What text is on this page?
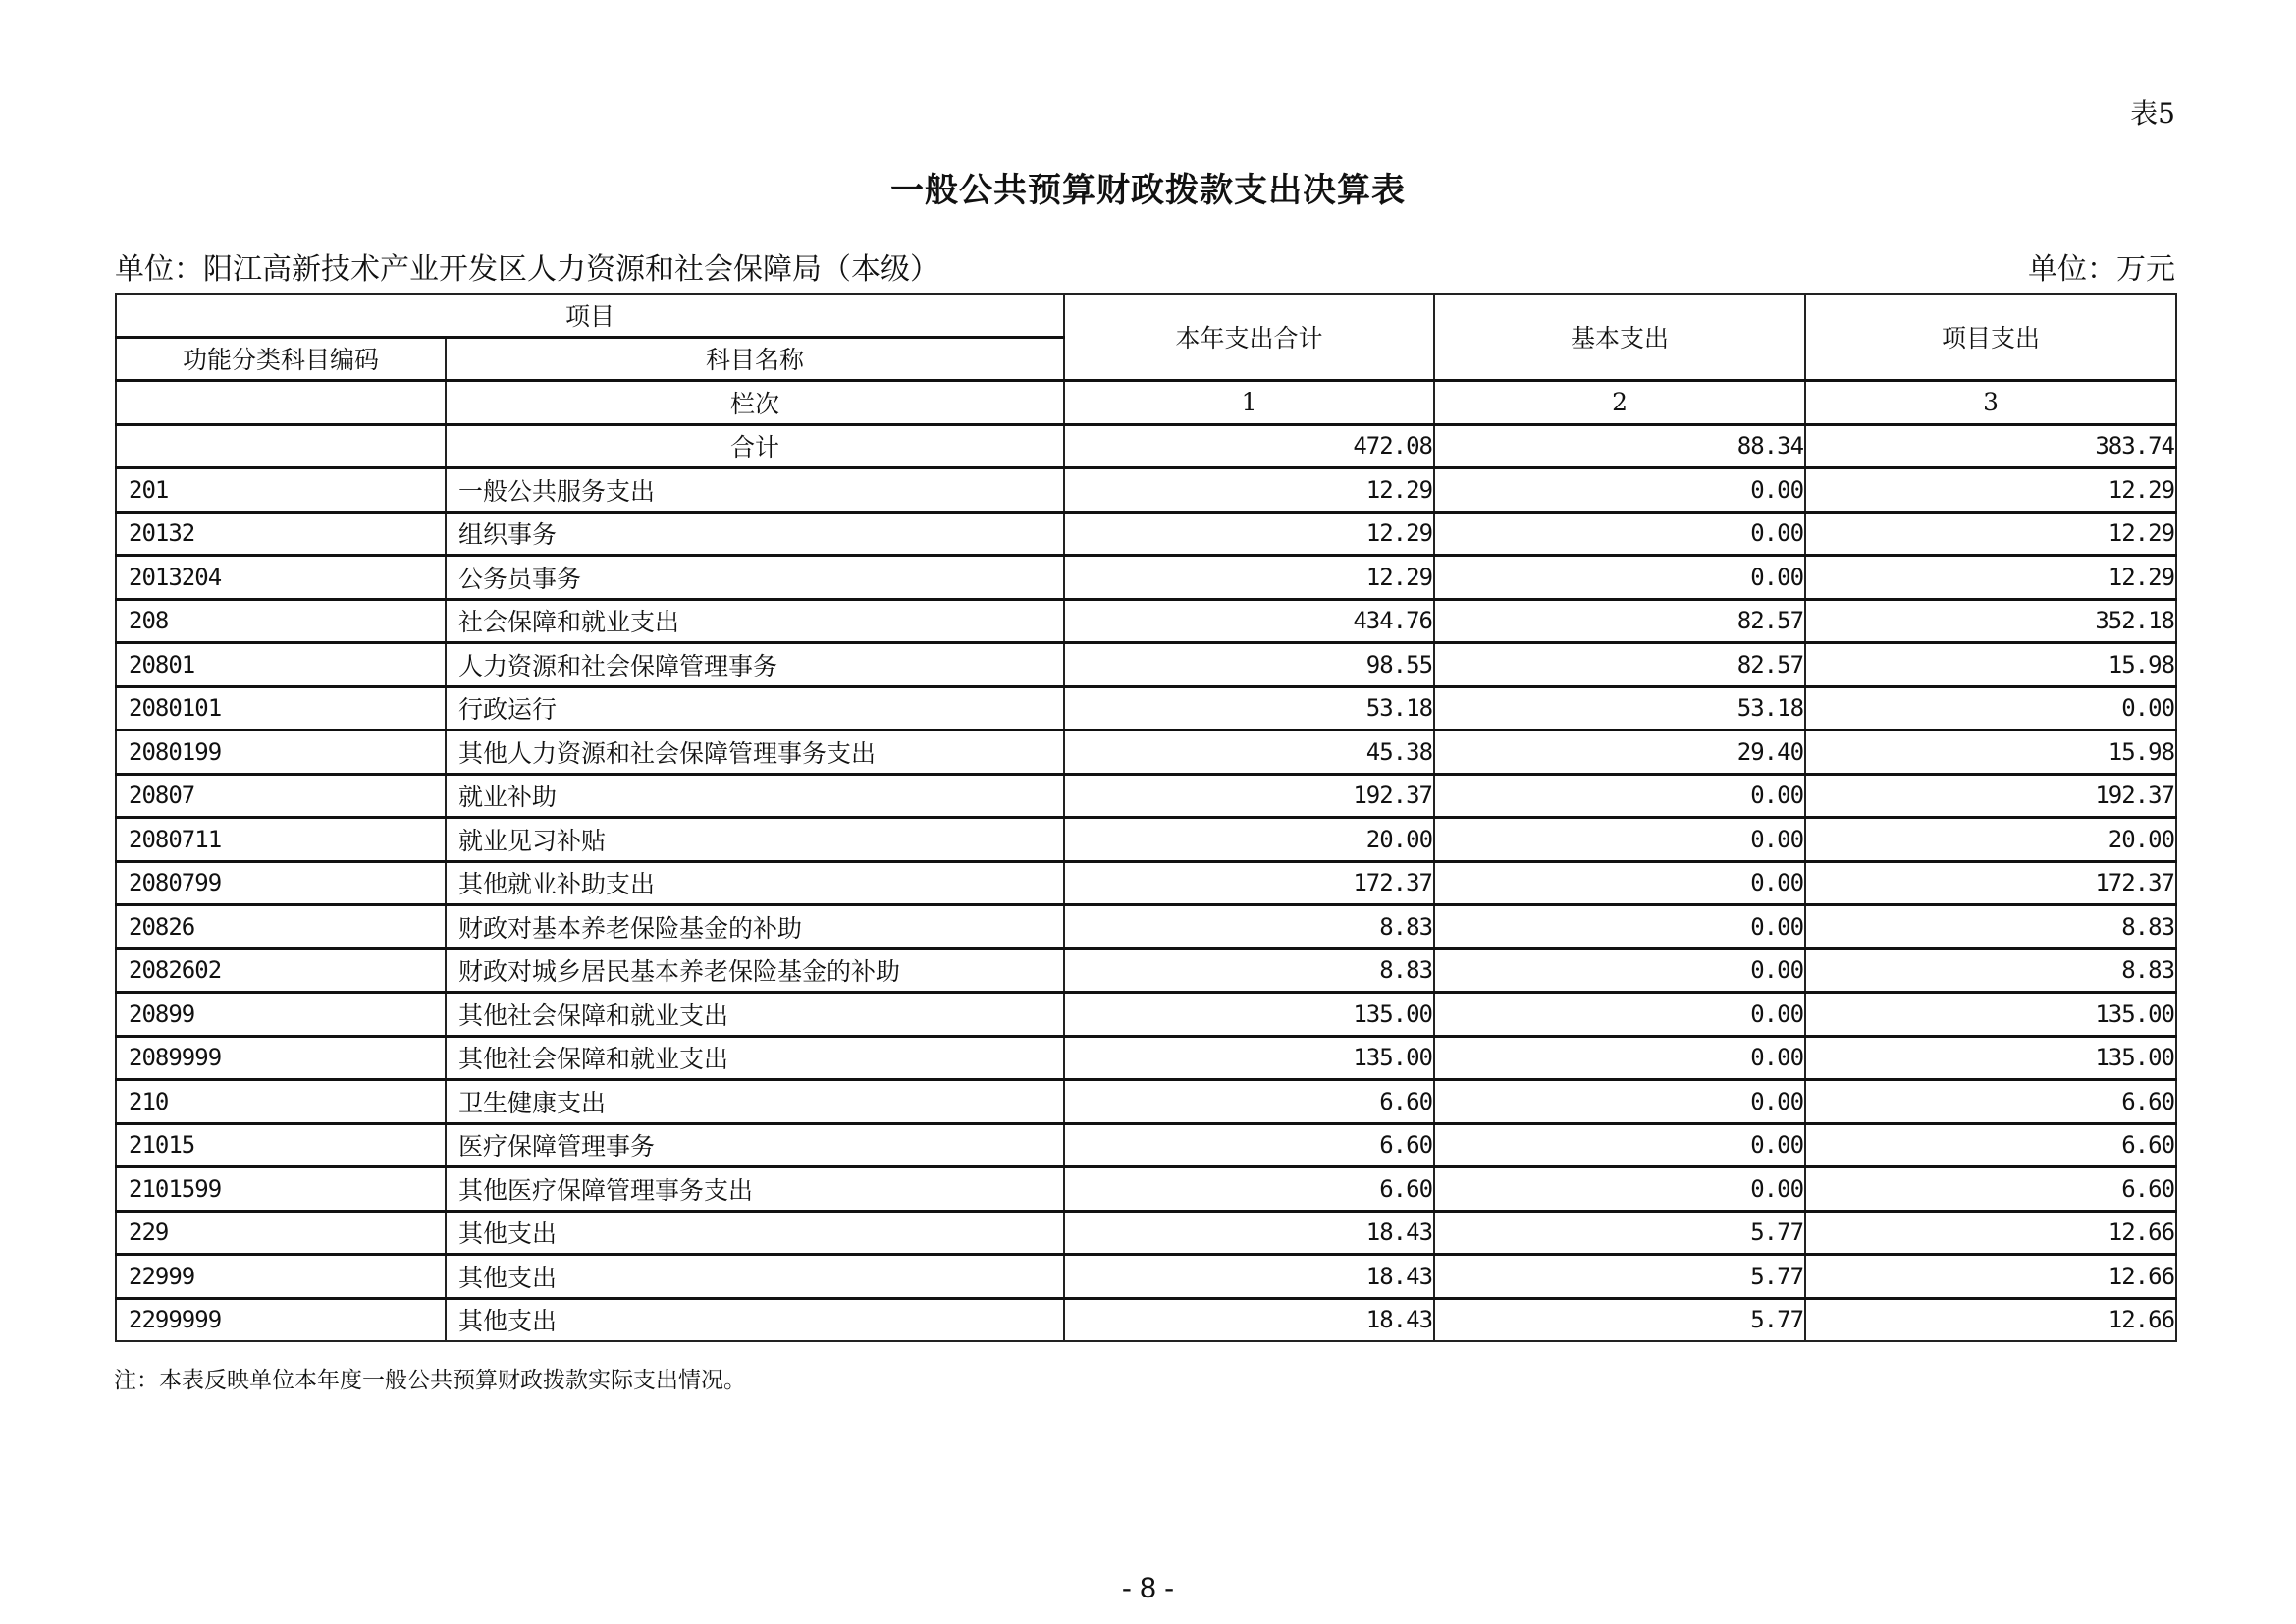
表5
一般公共预算财政拨款支出决算表
单位：阳江高新技术产业开发区人力资源和社会保障局（本级）	单位：万元
项目		本年支出合计	基本支出	项目支出
功能分类科目编码	科目名称			
	栏次	1	2	3
	合计	472.08	88.34	383.74
201	一般公共服务支出	12.29	0.00	12.29
20132	组织事务	12.29	0.00	12.29
2013204	公务员事务	12.29	0.00	12.29
208	社会保障和就业支出	434.76	82.57	352.18
20801	人力资源和社会保障管理事务	98.55	82.57	15.98
2080101	行政运行	53.18	53.18	0.00
2080199	其他人力资源和社会保障管理事务支出	45.38	29.40	15.98
20807	就业补助	192.37	0.00	192.37
2080711	就业见习补贴	20.00	0.00	20.00
2080799	其他就业补助支出	172.37	0.00	172.37
20826	财政对基本养老保险基金的补助	8.83	0.00	8.83
2082602	财政对城乡居民基本养老保险基金的补助	8.83	0.00	8.83
20899	其他社会保障和就业支出	135.00	0.00	135.00
2089999	其他社会保障和就业支出	135.00	0.00	135.00
210	卫生健康支出	6.60	0.00	6.60
21015	医疗保障管理事务	6.60	0.00	6.60
2101599	其他医疗保障管理事务支出	6.60	0.00	6.60
229	其他支出	18.43	5.77	12.66
22999	其他支出	18.43	5.77	12.66
2299999	其他支出	18.43	5.77	12.66
注：本表反映单位本年度一般公共预算财政拨款实际支出情况。
- 8 -
